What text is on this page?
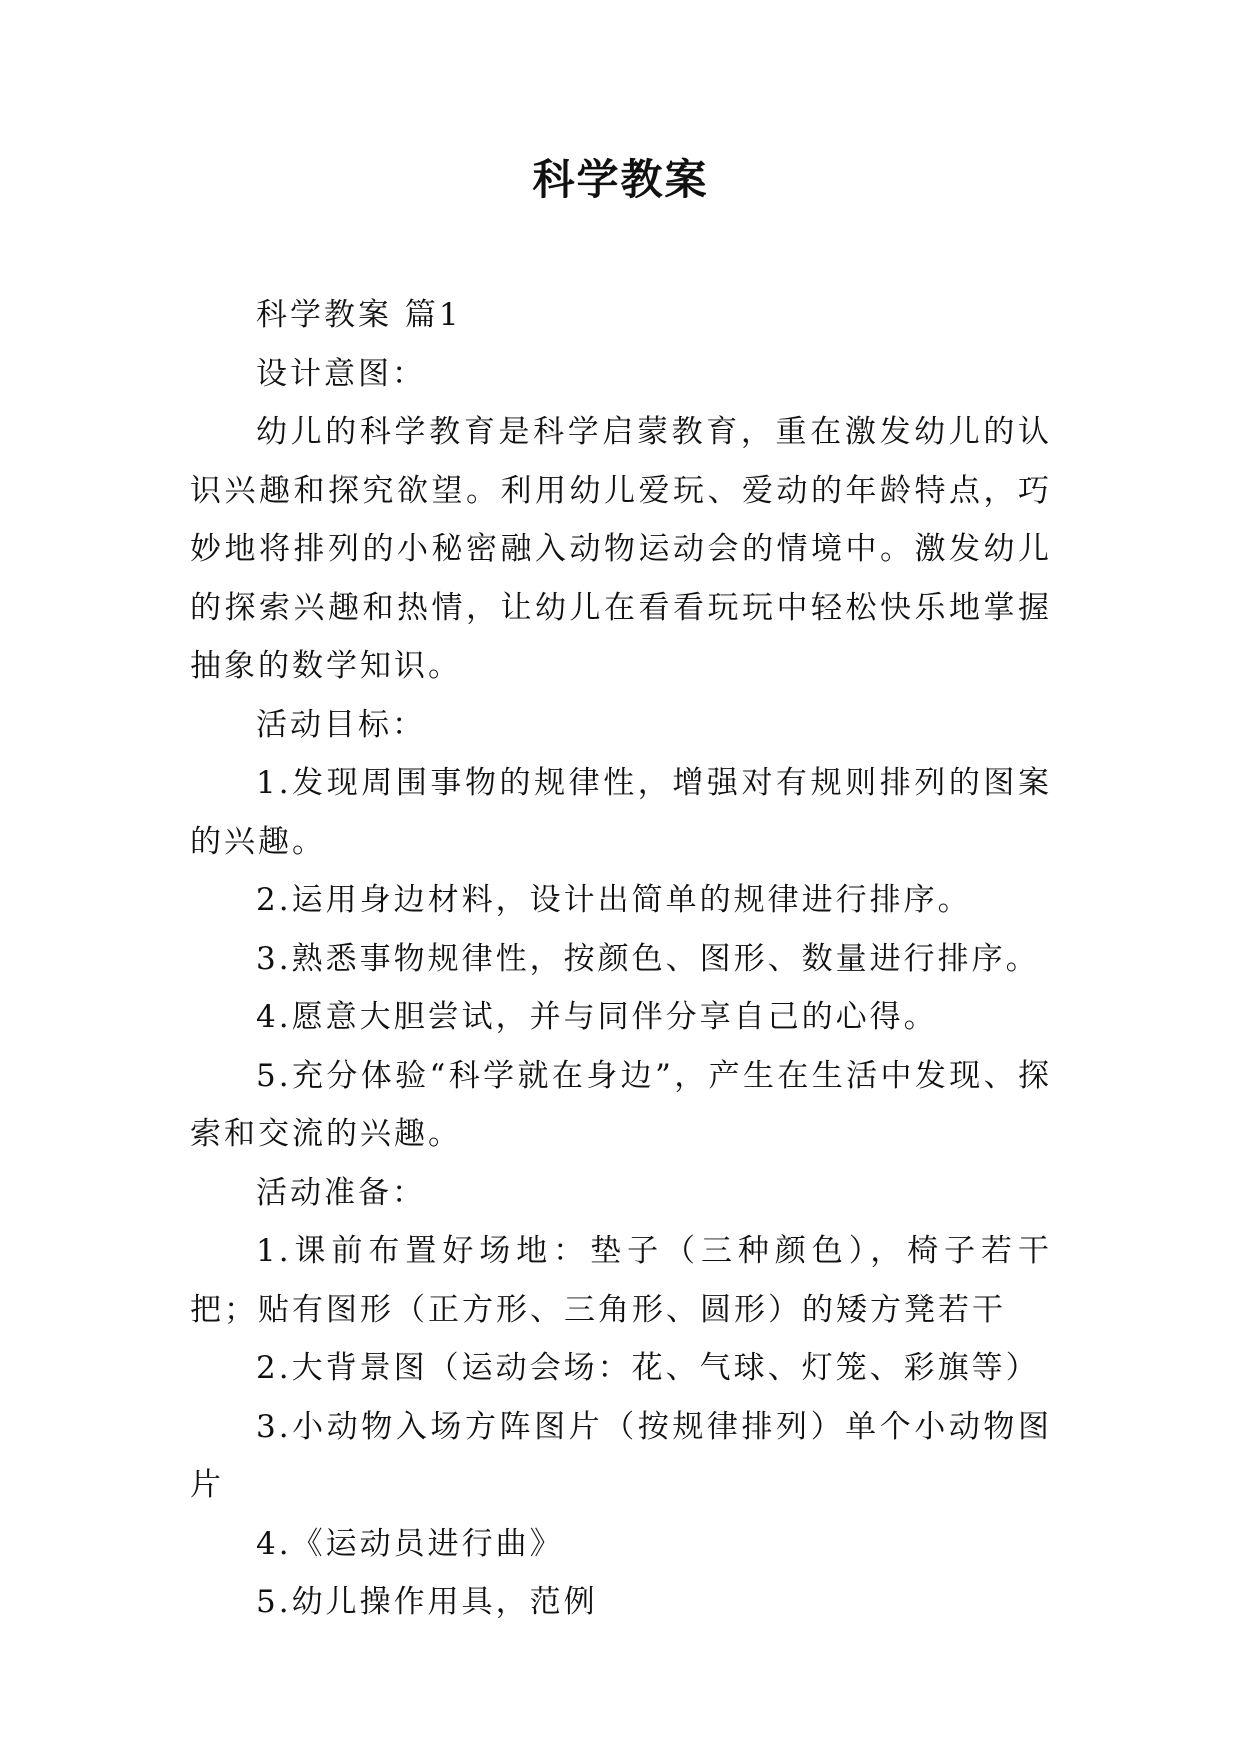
科学教案

科学教案 篇1

设计意图：

幼儿的科学教育是科学启蒙教育，重在激发幼儿的认识兴趣和探究欲望。利用幼儿爱玩、爱动的年龄特点，巧妙地将排列的小秘密融入动物运动会的情境中。激发幼儿的探索兴趣和热情，让幼儿在看看玩玩中轻松快乐地掌握抽象的数学知识。

活动目标：

1.发现周围事物的规律性，增强对有规则排列的图案的兴趣。

2.运用身边材料，设计出简单的规律进行排序。

3.熟悉事物规律性，按颜色、图形、数量进行排序。

4.愿意大胆尝试，并与同伴分享自己的心得。

5.充分体验“科学就在身边”，产生在生活中发现、探索和交流的兴趣。

活动准备：

1.课前布置好场地：垫子（三种颜色），椅子若干把；贴有图形（正方形、三角形、圆形）的矮方凳若干

2.大背景图（运动会场：花、气球、灯笼、彩旗等）

3.小动物入场方阵图片（按规律排列）单个小动物图片

4.《运动员进行曲》

5.幼儿操作用具，范例
